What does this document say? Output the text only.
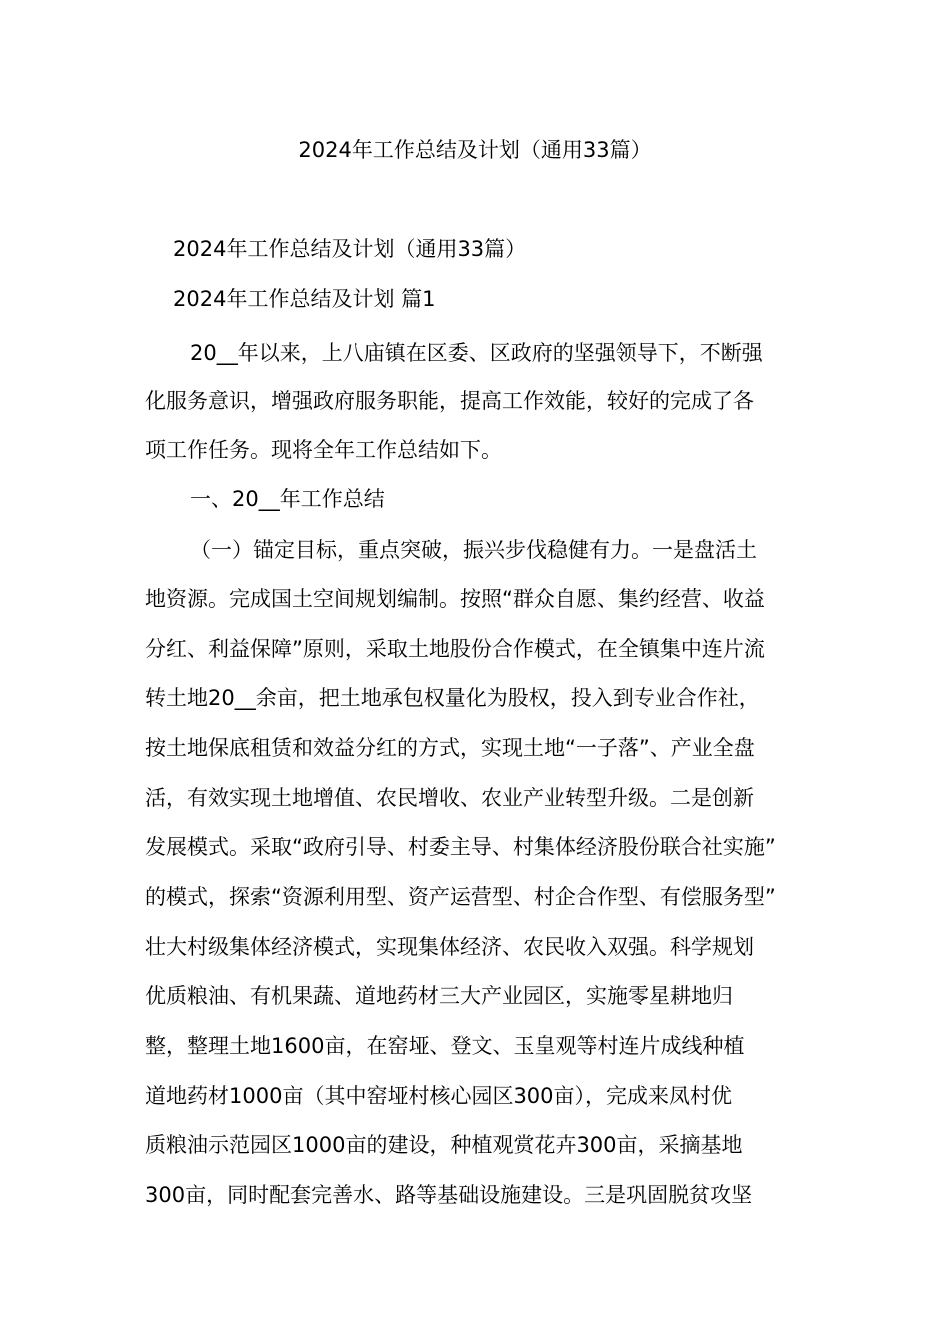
2024年工作总结及计划（通用33篇）
2024年工作总结及计划（通用33篇）
2024年工作总结及计划 篇1
20__年以来，上八庙镇在区委、区政府的坚强领导下，不断强
化服务意识，增强政府服务职能，提高工作效能，较好的完成了各
项工作任务。现将全年工作总结如下。
一、20__年工作总结
（一）锚定目标，重点突破，振兴步伐稳健有力。一是盘活土
地资源。完成国土空间规划编制。按照“群众自愿、集约经营、收益
分红、利益保障”原则，采取土地股份合作模式，在全镇集中连片流
转土地20__余亩，把土地承包权量化为股权，投入到专业合作社，
按土地保底租赁和效益分红的方式，实现土地“一子落”、产业全盘
活，有效实现土地增值、农民增收、农业产业转型升级。二是创新
发展模式。采取“政府引导、村委主导、村集体经济股份联合社实施”
的模式，探索“资源利用型、资产运营型、村企合作型、有偿服务型”
壮大村级集体经济模式，实现集体经济、农民收入双强。科学规划
优质粮油、有机果蔬、道地药材三大产业园区，实施零星耕地归
整，整理土地1600亩，在窑垭、登文、玉皇观等村连片成线种植
道地药材1000亩（其中窑垭村核心园区300亩），完成来凤村优
质粮油示范园区1000亩的建设，种植观赏花卉300亩，采摘基地
300亩，同时配套完善水、路等基础设施建设。三是巩固脱贫攻坚
